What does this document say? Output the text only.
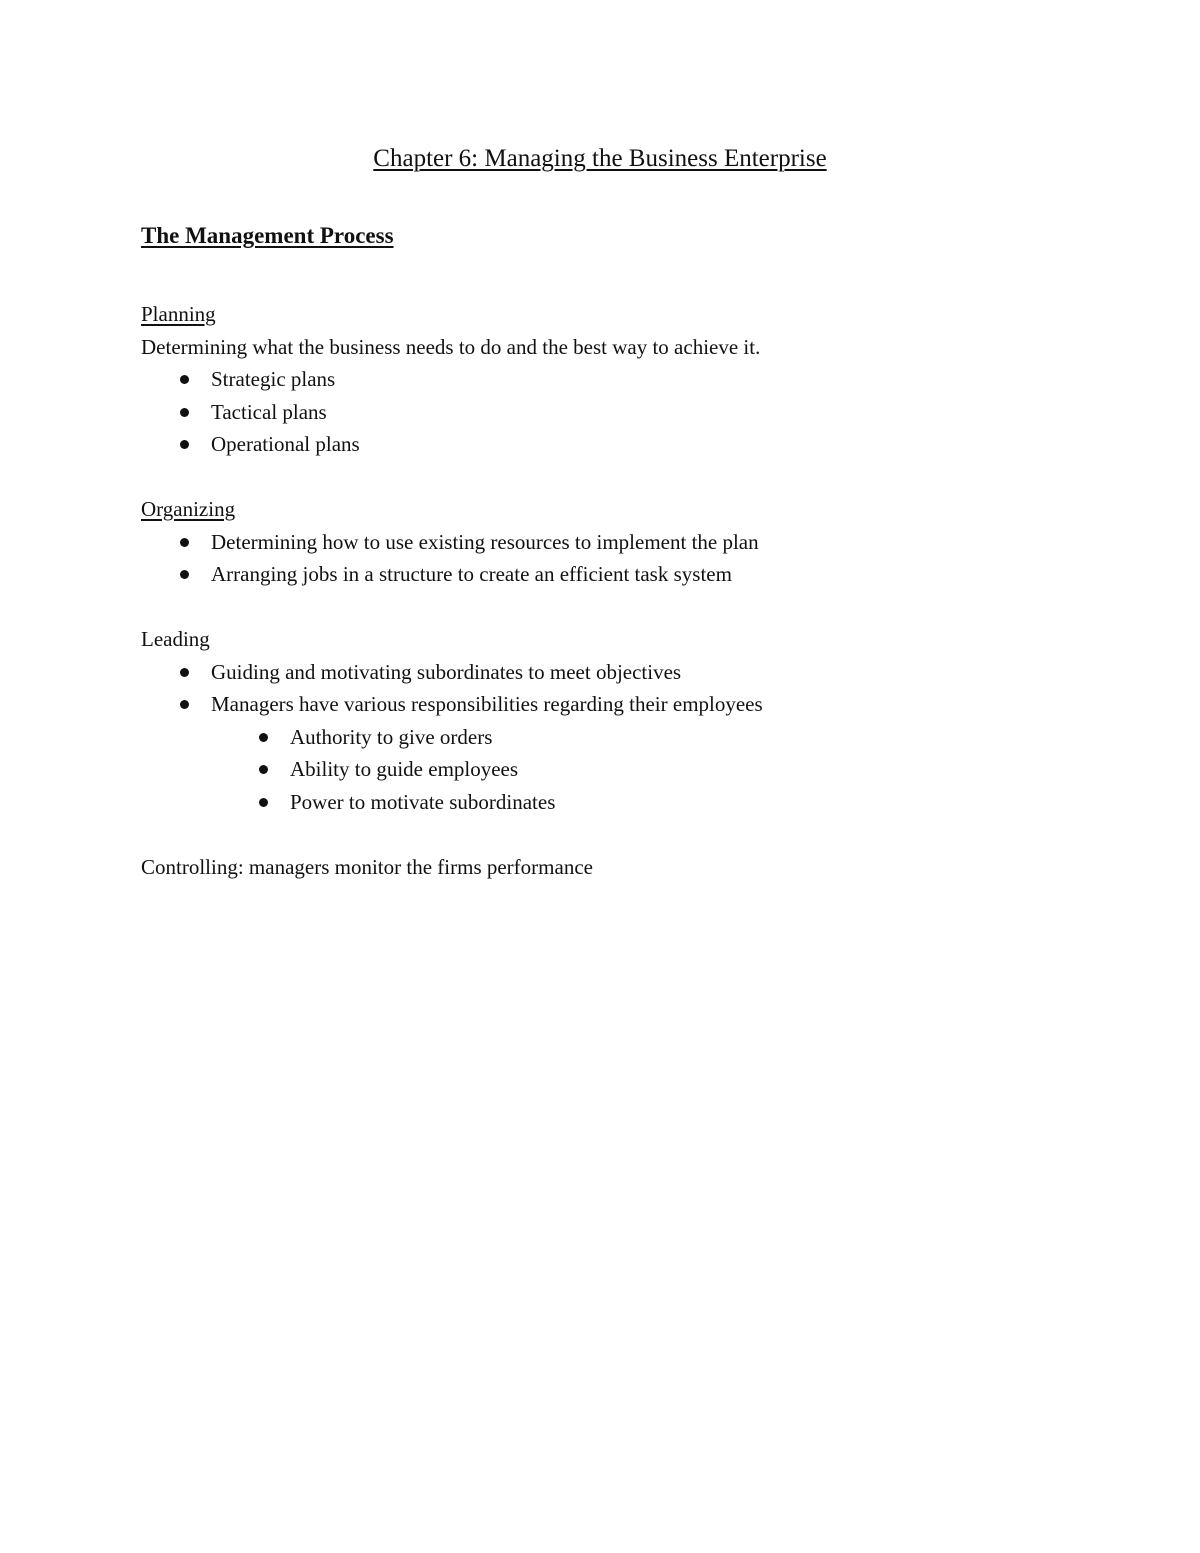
Chapter 6: Managing the Business Enterprise
The Management Process

Planning

Determining what the business needs to do and the best way to achieve it.

Strategic plans
Tactical plans
Operational plans

Organizing

Determining how to use existing resources to implement the plan
Arranging jobs in a structure to create an efficient task system

Leading

Guiding and motivating subordinates to meet objectives
Managers have various responsibilities regarding their employees
Authority to give orders
Ability to guide employees
Power to motivate subordinates

Controlling: managers monitor the firms performance
